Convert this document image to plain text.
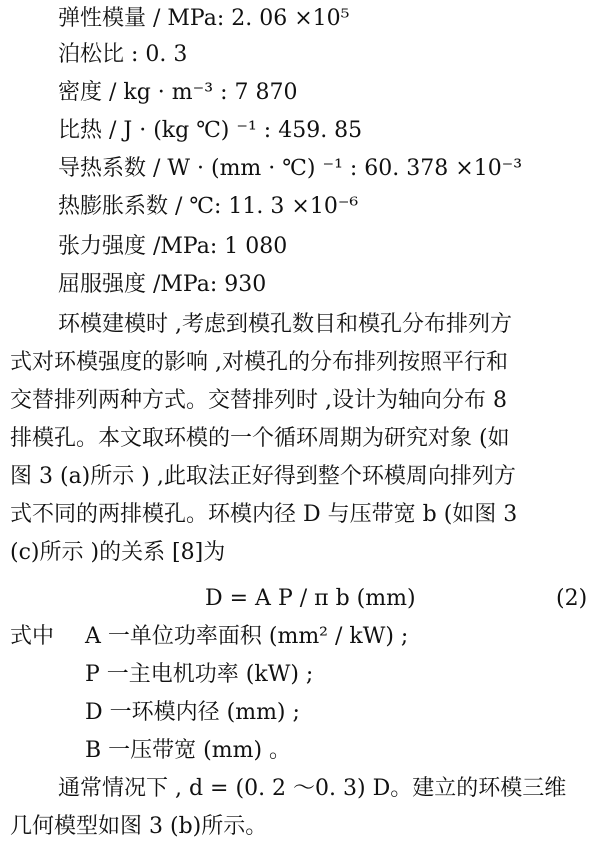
弹性模量 / MPa: 2. 06 ×10⁵
泊松比 : 0. 3
密度 / kg · m⁻³ : 7 870
比热 / J · (kg ℃) ⁻¹ : 459. 85
导热系数 / W · (mm · ℃) ⁻¹ : 60. 378 ×10⁻³
热膨胀系数 / ℃: 11. 3 ×10⁻⁶
张力强度 /MPa: 1 080
屈服强度 /MPa: 930
环模建模时 ,考虑到模孔数目和模孔分布排列方
式对环模强度的影响 ,对模孔的分布排列按照平行和
交替排列两种方式。交替排列时 ,设计为轴向分布 8
排模孔。本文取环模的一个循环周期为研究对象 (如
图 3 (a)所示 ) ,此取法正好得到整个环模周向排列方
式不同的两排模孔。环模内径 D 与压带宽 b (如图 3
(c)所示 )的关系 [8]为
D = A P / π b (mm)	(2)
式中 A 一单位功率面积 (mm² / kW) ;
P 一主电机功率 (kW) ;
D 一环模内径 (mm) ;
B 一压带宽 (mm) 。
通常情况下 , d = (0. 2 ～0. 3) D。建立的环模三维
几何模型如图 3 (b)所示。
